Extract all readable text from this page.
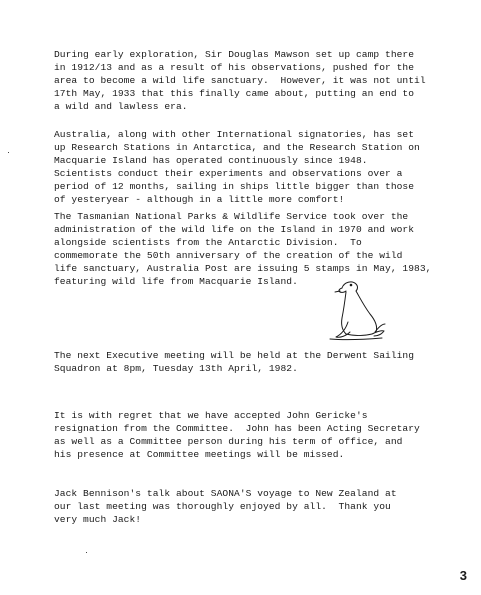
During early exploration, Sir Douglas Mawson set up camp there
in 1912/13 and as a result of his observations, pushed for the
area to become a wild life sanctuary.  However, it was not until
17th May, 1933 that this finally came about, putting an end to
a wild and lawless era.
Australia, along with other International signatories, has set
up Research Stations in Antarctica, and the Research Station on
Macquarie Island has operated continuously since 1948.
Scientists conduct their experiments and observations over a
period of 12 months, sailing in ships little bigger than those
of yesteryear - although in a little more comfort!
The Tasmanian National Parks & Wildlife Service took over the
administration of the wild life on the Island in 1970 and work
alongside scientists from the Antarctic Division.  To
commemorate the 50th anniversary of the creation of the wild
life sanctuary, Australia Post are issuing 5 stamps in May, 1983,
featuring wild life from Macquarie Island.
The next Executive meeting will be held at the Derwent Sailing
Squadron at 8pm, Tuesday 13th April, 1982.
It is with regret that we have accepted John Gericke's
resignation from the Committee.  John has been Acting Secretary
as well as a Committee person during his term of office, and
his presence at Committee meetings will be missed.
Jack Bennison's talk about SAONA'S voyage to New Zealand at
our last meeting was thoroughly enjoyed by all.  Thank you
very much Jack!
3
